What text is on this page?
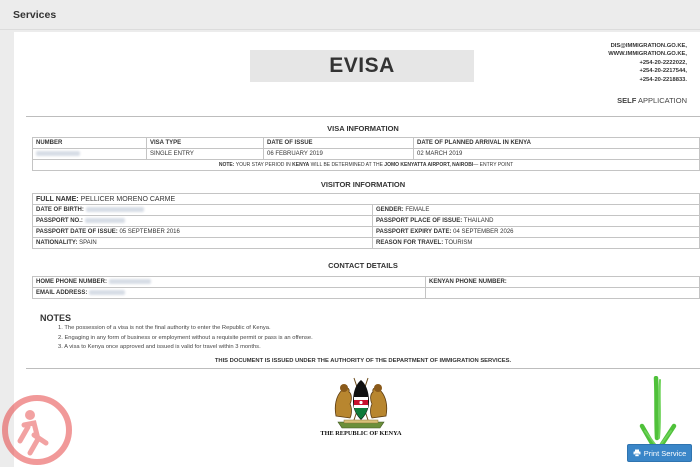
Services
EVISA
DIS@IMMIGRATION.GO.KE,
WWW.IMMIGRATION.GO.KE,
+254-20-2222022,
+254-20-2217544,
+254-20-2218833.
SELF APPLICATION
VISA INFORMATION
NUMBER	VISA TYPE	DATE OF ISSUE	DATE OF PLANNED ARRIVAL IN KENYA
	SINGLE ENTRY	06 FEBRUARY 2019	02 MARCH 2019
NOTE: YOUR STAY PERIOD IN KENYA WILL BE DETERMINED AT THE JOMO KENYATTA AIRPORT, NAIROBI— ENTRY POINT			
VISITOR INFORMATION
FULL NAME: PELLICER MORENO CARME	
DATE OF BIRTH:	GENDER: FEMALE
PASSPORT NO.:	PASSPORT PLACE OF ISSUE: THAILAND
PASSPORT DATE OF ISSUE: 05 SEPTEMBER 2016	PASSPORT EXPIRY DATE: 04 SEPTEMBER 2026
NATIONALITY: SPAIN	REASON FOR TRAVEL: TOURISM
CONTACT DETAILS
HOME PHONE NUMBER:	KENYAN PHONE NUMBER:
EMAIL ADDRESS:	
NOTES
1. The possession of a visa is not the final authority to enter the Republic of Kenya.
2. Engaging in any form of business or employment without a requisite permit or pass is an offense.
3. A visa to Kenya once approved and issued is valid for travel within 3 months.
THIS DOCUMENT IS ISSUED UNDER THE AUTHORITY OF THE DEPARTMENT OF IMMIGRATION SERVICES.
THE REPUBLIC OF KENYA
Print Service
